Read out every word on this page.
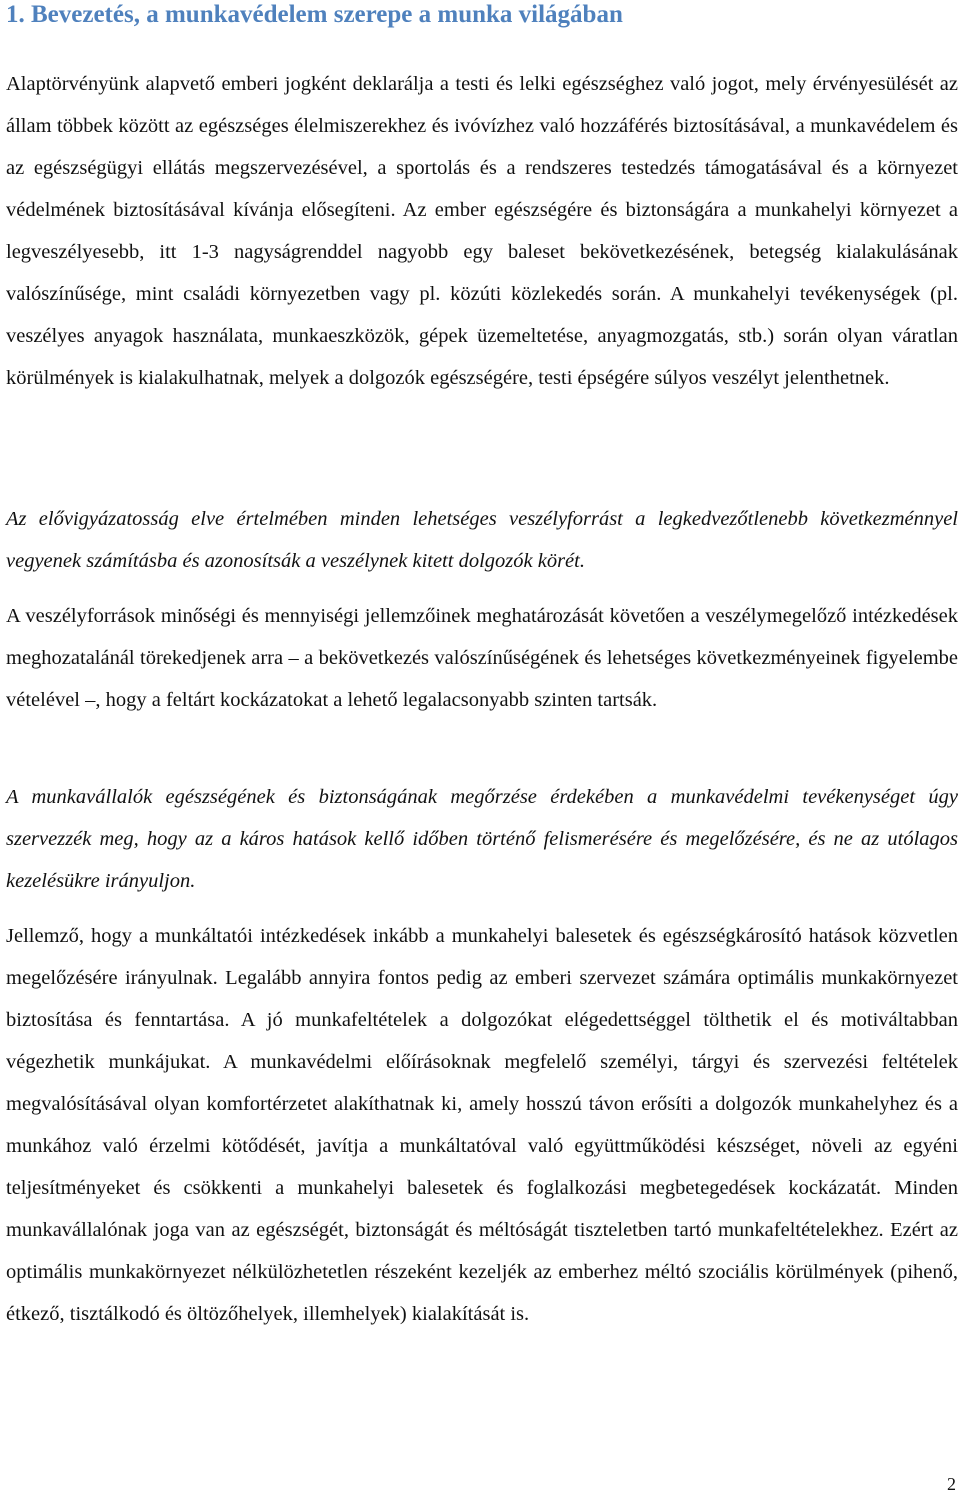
1. Bevezetés, a munkavédelem szerepe a munka világában

Alaptörvényünk alapvető emberi jogként deklarálja a testi és lelki egészséghez való jogot, mely érvényesülését az állam többek között az egészséges élelmiszerekhez és ivóvízhez való hozzáférés biztosításával, a munkavédelem és az egészségügyi ellátás megszervezésével, a sportolás és a rendszeres testedzés támogatásával és a környezet védelmének biztosításával kívánja elősegíteni. Az ember egészségére és biztonságára a munkahelyi környezet a legveszélyesebb, itt 1-3 nagyságrenddel nagyobb egy baleset bekövetkezésének, betegség kialakulásának valószínűsége, mint családi környezetben vagy pl. közúti közlekedés során. A munkahelyi tevékenységek (pl. veszélyes anyagok használata, munkaeszközök, gépek üzemeltetése, anyagmozgatás, stb.) során olyan váratlan körülmények is kialakulhatnak, melyek a dolgozók egészségére, testi épségére súlyos veszélyt jelenthetnek.

Az elővigyázatosság elve értelmében minden lehetséges veszélyforrást a legkedvezőtlenebb következménnyel vegyenek számításba és azonosítsák a veszélynek kitett dolgozók körét.

A veszélyforrások minőségi és mennyiségi jellemzőinek meghatározását követően a veszélymegelőző intézkedések meghozatalánál törekedjenek arra – a bekövetkezés valószínűségének és lehetséges következményeinek figyelembe vételével –, hogy a feltárt kockázatokat a lehető legalacsonyabb szinten tartsák.

A munkavállalók egészségének és biztonságának megőrzése érdekében a munkavédelmi tevékenységet úgy szervezzék meg, hogy az a káros hatások kellő időben történő felismerésére és megelőzésére, és ne az utólagos kezelésükre irányuljon.

Jellemző, hogy a munkáltatói intézkedések inkább a munkahelyi balesetek és egészségkárosító hatások közvetlen megelőzésére irányulnak. Legalább annyira fontos pedig az emberi szervezet számára optimális munkakörnyezet biztosítása és fenntartása. A jó munkafeltételek a dolgozókat elégedettséggel tölthetik el és motiváltabban végezhetik munkájukat. A munkavédelmi előírásoknak megfelelő személyi, tárgyi és szervezési feltételek megvalósításával olyan komfortérzetet alakíthatnak ki, amely hosszú távon erősíti a dolgozók munkahelyhez és a munkához való érzelmi kötődését, javítja a munkáltatóval való együttműködési készséget, növeli az egyéni teljesítményeket és csökkenti a munkahelyi balesetek és foglalkozási megbetegedések kockázatát. Minden munkavállalónak joga van az egészségét, biztonságát és méltóságát tiszteletben tartó munkafeltételekhez. Ezért az optimális munkakörnyezet nélkülözhetetlen részeként kezeljék az emberhez méltó szociális körülmények (pihenő, étkező, tisztálkodó és öltözőhelyek, illemhelyek) kialakítását is.

2
